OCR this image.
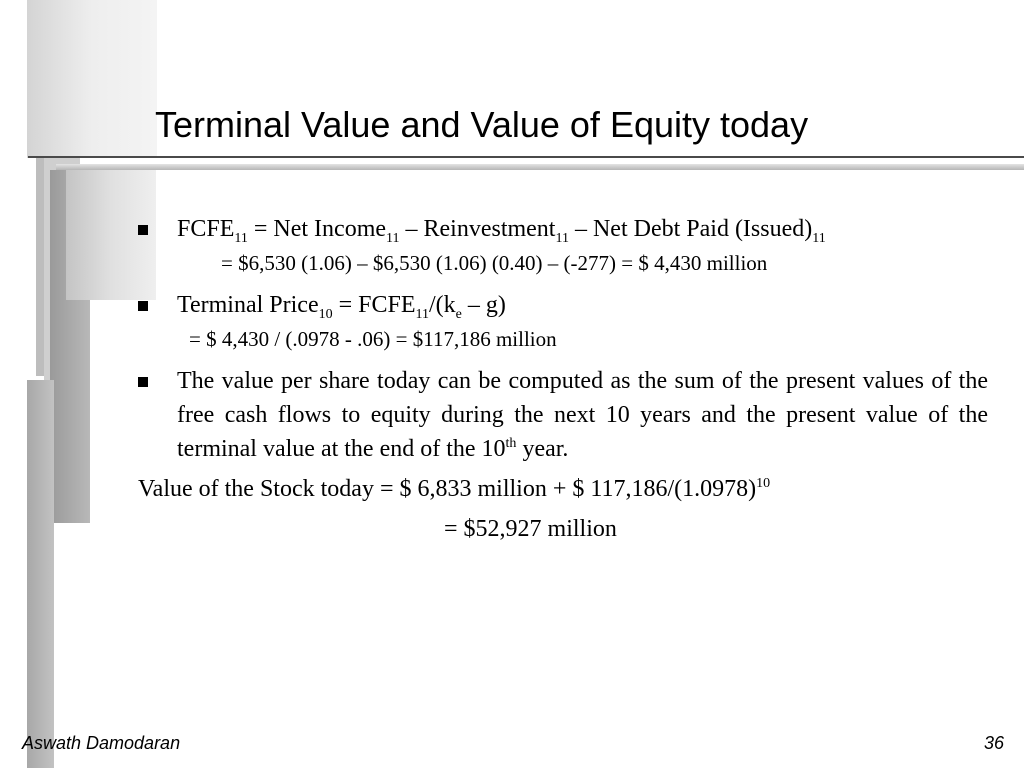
Terminal Value and Value of Equity today
$FCFE_{11}$ = Net Income$_{11}$ – Reinvestment$_{11}$ – Net Debt Paid $(Issued)_{11}$
= $6,530 (1.06) – $6,530 (1.06) (0.40) – (-277) = $ 4,430 million
Terminal Price$_{10}$ = $FCFE_{11}/(k_e - g)$
= $ 4,430 / (.0978 - .06) = $117,186 million
The value per share today can be computed as the sum of the present values of the free cash flows to equity during the next 10 years and the present value of the terminal value at the end of the 10th year.
Value of the Stock today = $ 6,833 million + $ $117,186/(1.0978)^{10}$
= $52,927 million
Aswath Damodaran	36
